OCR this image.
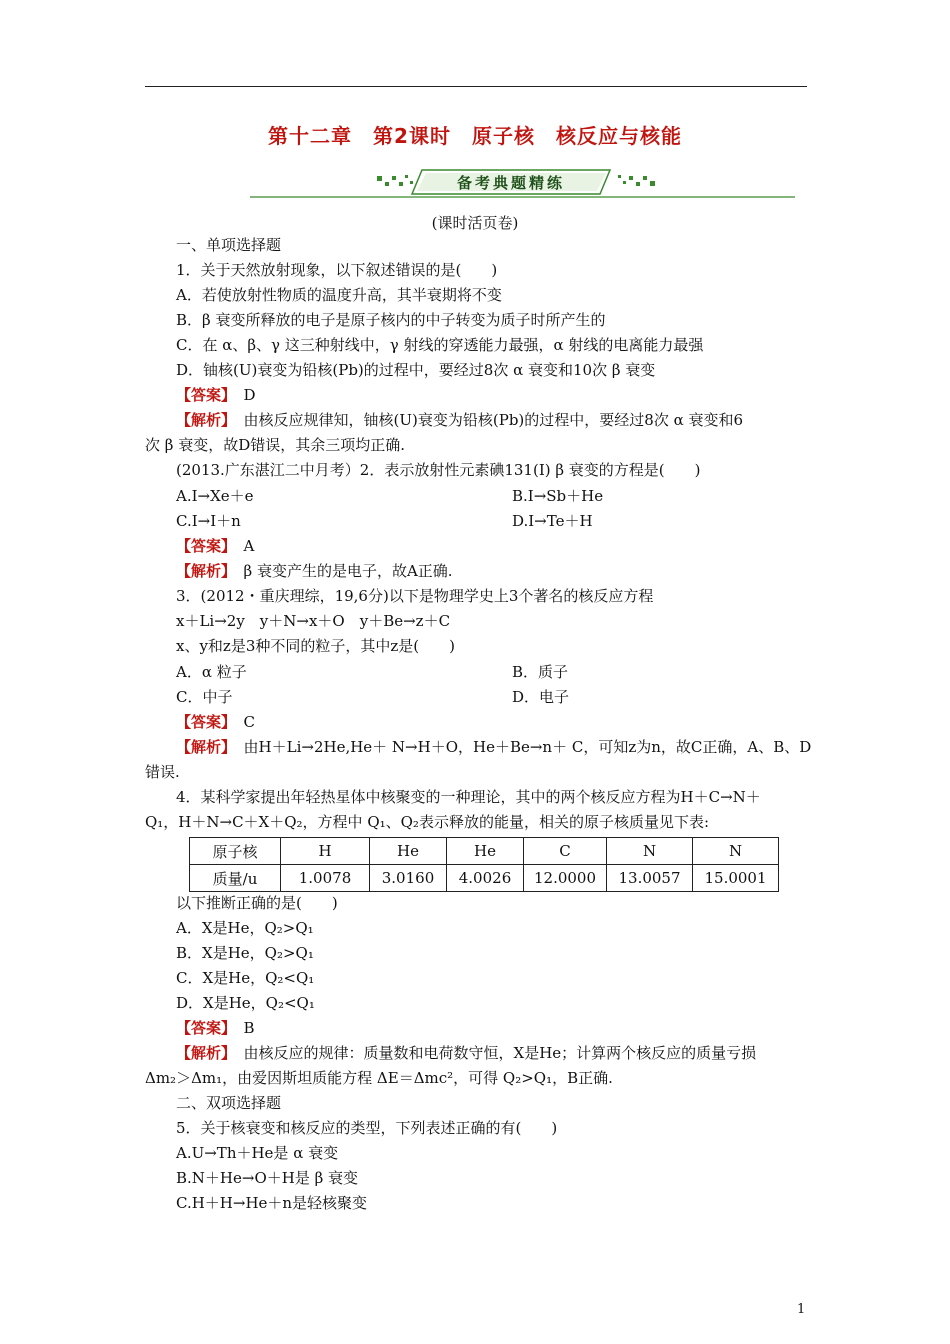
第十二章　第2课时　原子核　核反应与核能
备考典题精练
(课时活页卷)
一、单项选择题
1．关于天然放射现象，以下叙述错误的是(　　)
A．若使放射性物质的温度升高，其半衰期将不变
B．β 衰变所释放的电子是原子核内的中子转变为质子时所产生的
C．在 α、β、γ 这三种射线中，γ 射线的穿透能力最强，α 射线的电离能力最强
D．铀核(U)衰变为铅核(Pb)的过程中，要经过8次 α 衰变和10次 β 衰变
【答案】　 D
【解析】　 由核反应规律知，铀核(U)衰变为铅核(Pb)的过程中，要经过8次 α 衰变和6
次 β 衰变，故D错误，其余三项均正确.
(2013.广东湛江二中月考）2．表示放射性元素碘131(I) β 衰变的方程是(　　)
A.I→Xe＋e	B.I→Sb＋He
C.I→I＋n	D.I→Te＋H
【答案】　 A
【解析】　 β 衰变产生的是电子，故A正确.
3．(2012・重庆理综，19,6分)以下是物理学史上3个著名的核反应方程
x＋Li→2y　y＋N→x＋O　y＋Be→z＋C
x、y和z是3种不同的粒子，其中z是(　　)
A．α 粒子	B．质子
C．中子	D．电子
【答案】　 C
【解析】　 由H＋Li→2He,He＋ N→H＋O，He＋Be→n＋ C，可知z为n，故C正确，A、B、D
错误.
4．某科学家提出年轻热星体中核聚变的一种理论，其中的两个核反应方程为H＋C→N＋
Q₁，H＋N→C＋X＋Q₂，方程中 Q₁、Q₂表示释放的能量，相关的原子核质量见下表:
原子核	H	He	He	C	N	N
质量/u	1.0078	3.0160	4.0026	12.0000	13.0057	15.0001
以下推断正确的是(　　)
A．X是He，Q₂>Q₁
B．X是He，Q₂>Q₁
C．X是He，Q₂<Q₁
D．X是He，Q₂<Q₁
【答案】　 B
【解析】　 由核反应的规律：质量数和电荷数守恒，X是He；计算两个核反应的质量亏损
Δm₂＞Δm₁，由爱因斯坦质能方程 ΔE＝Δmc²，可得 Q₂>Q₁，B正确.
二、双项选择题
5．关于核衰变和核反应的类型，下列表述正确的有(　　)
A.U→Th＋He是 α 衰变
B.N＋He→O＋H是 β 衰变
C.H＋H→He＋n是轻核聚变
1
